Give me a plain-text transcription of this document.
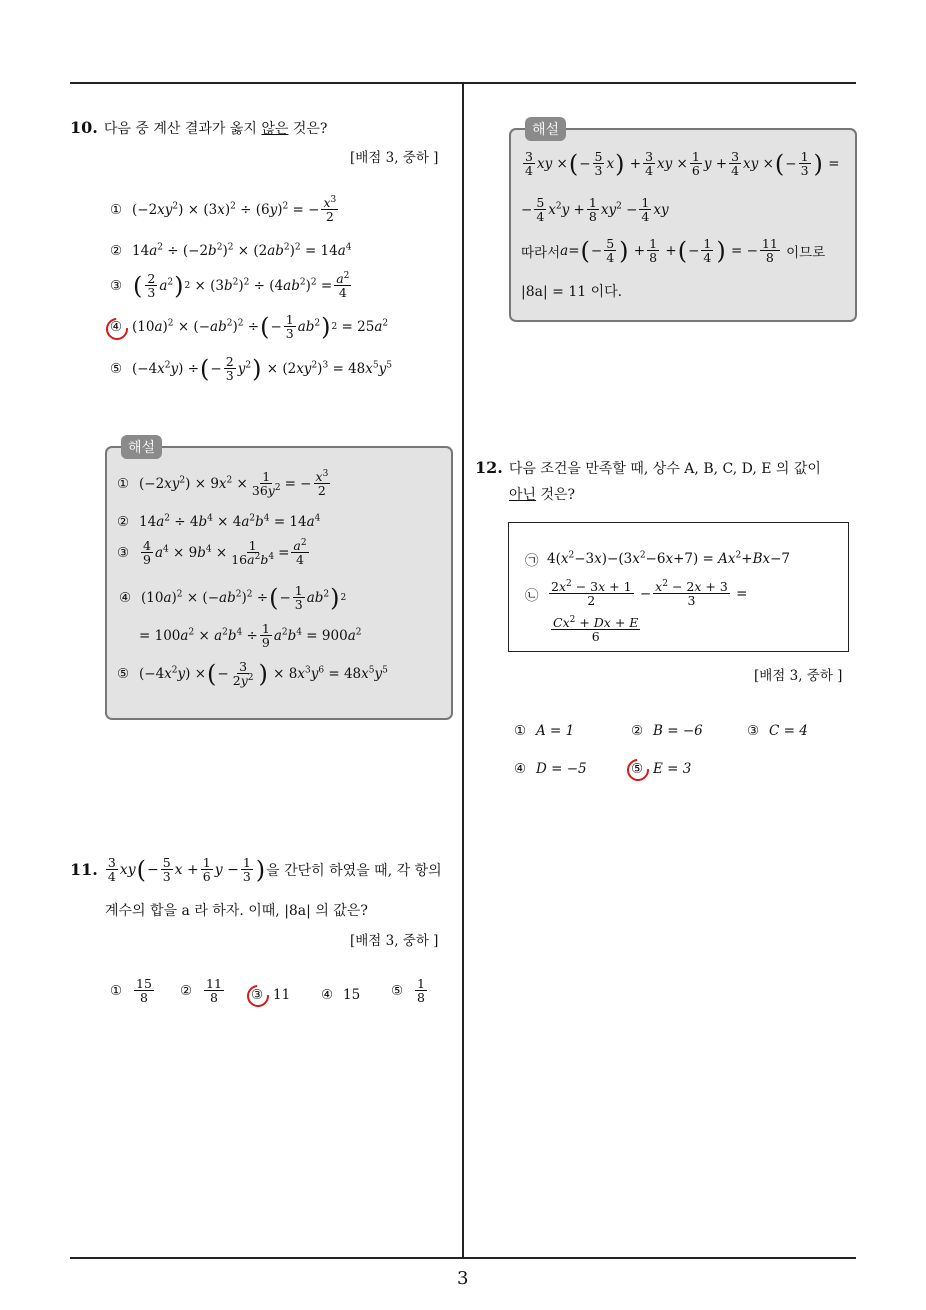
3
10. 다음 중 계산 결과가 옳지 않은 것은?
[배점 3, 중하 ]
① $(-2xy^2) \times (3x)^2 \div (6y)^2$ = − $\frac{x^3}{2}$
② $14a^2 \div (-2b^2)^2 \times (2ab^2)^2 = 14a^4$
③ ( $\frac{2}{3} a^2$ ) $2 \times (3b^2)^2 \div (4ab^2)^2 = \frac{a^2}{4}$
④ $(10a)^2 \times (-ab^2)^2$ ÷ ( − $\frac{1}{3} ab^2$ ) $2 = 25a^2$
⑤ $(-4x^2y)$ ÷ ( − $\frac{2}{3} y^2$ ) × $(2xy^2)^3 = 48x^5y^5$
해설
① $(-2xy^2) \times 9x^2 \times \frac{1}{36y^2}$ = − $\frac{x^3}{2}$
② $14a^2 \div 4b^4 \times 4a^2b^4 = 14a^4$
③ $\frac{4}{9} a^4 \times 9b^4 \times \frac{1}{16a^2b^4} = \frac{a^2}{4}$
④ $(10a)^2 \times (-ab^2)^2$ ÷ ( − $\frac{1}{3} ab^2$ ) 2
= $100a^2 \times a^2b^4 \div \frac{1}{9} a^2b^4 = 900a^2$
⑤ $(-4x^2y)$ × ( − $\frac{3}{2y^2}$ ) × $8x^3y^6 = 48x^5y^5$
11. $\frac{3}{4}$ xy ( − $\frac{5}{3}$ $x + \frac{1}{6}$ $y - \frac{1}{3}$ ) 을 간단히 하였을 때, 각 항의
계수의 합을 a 라 하자. 이때, |8a| 의 값은?
[배점 3, 중하 ]
① $\frac{15}{8}$ ② $\frac{11}{8}$ ③ 11 ④ 15 ⑤ $\frac{1}{8}$
해설
$\frac{3}{4}$ xy × ( − $\frac{5}{3}$ x ) + $\frac{3}{4}$ xy × $\frac{1}{6}$ $y + \frac{3}{4}$ xy × ( − $\frac{1}{3}$ ) =
− $\frac{5}{4} x^2y + \frac{1}{8} xy^2 - \frac{1}{4}$ xy
따라서 a= ( − $\frac{5}{4}$ ) + $\frac{1}{8}$ + ( − $\frac{1}{4}$ ) = − $\frac{11}{8}$
이므로
|8a| = 11 이다.
12. 다음 조건을 만족할 때, 상수 A, B, C, D, E 의 값이
아닌 것은?
㉠ $4(x^2-3x)-(3x^2-6x+7) = Ax^2+Bx-7$
㉡ $\frac{2x^2 - 3x + 1}{2} - \frac{x^2 - 2x + 3}{3}$ =
$\frac{Cx^2 + Dx + E}{6}$
[배점 3, 중하 ]
① A = 1	② B = −6	③ C = 4
④ D = −5	⑤ E = 3
